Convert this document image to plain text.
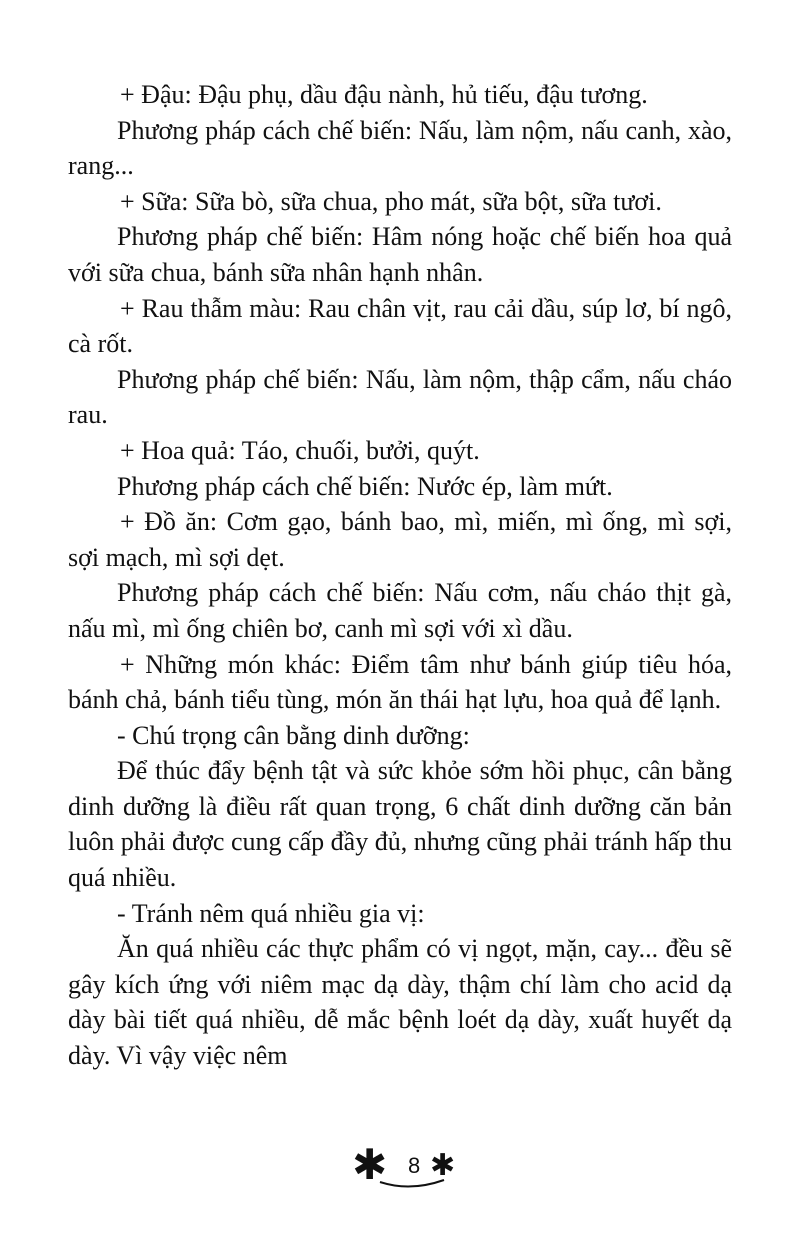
+ Đậu: Đậu phụ, dầu đậu nành, hủ tiếu, đậu tương.

Phương pháp cách chế biến: Nấu, làm nộm, nấu canh, xào, rang...

+ Sữa: Sữa bò, sữa chua, pho mát, sữa bột, sữa tươi.

Phương pháp chế biến: Hâm nóng hoặc chế biến hoa quả với sữa chua, bánh sữa nhân hạnh nhân.

+ Rau thẫm màu: Rau chân vịt, rau cải dầu, súp lơ, bí ngô, cà rốt.

Phương pháp chế biến: Nấu, làm nộm, thập cẩm, nấu cháo rau.

+ Hoa quả: Táo, chuối, bưởi, quýt.

Phương pháp cách chế biến: Nước ép, làm mứt.

+ Đồ ăn: Cơm gạo, bánh bao, mì, miến, mì ống, mì sợi, sợi mạch, mì sợi dẹt.

Phương pháp cách chế biến: Nấu cơm, nấu cháo thịt gà, nấu mì, mì ống chiên bơ, canh mì sợi với xì dầu.

+ Những món khác: Điểm tâm như bánh giúp tiêu hóa, bánh chả, bánh tiểu tùng, món ăn thái hạt lựu, hoa quả để lạnh.

- Chú trọng cân bằng dinh dưỡng:

Để thúc đẩy bệnh tật và sức khỏe sớm hồi phục, cân bằng dinh dưỡng là điều rất quan trọng, 6 chất dinh dưỡng căn bản luôn phải được cung cấp đầy đủ, nhưng cũng phải tránh hấp thu quá nhiều.

- Tránh nêm quá nhiều gia vị:

Ăn quá nhiều các thực phẩm có vị ngọt, mặn, cay... đều sẽ gây kích ứng với niêm mạc dạ dày, thậm chí làm cho acid dạ dày bài tiết quá nhiều, dễ mắc bệnh loét dạ dày, xuất huyết dạ dày. Vì vậy việc nêm

✱ 8 ✱
